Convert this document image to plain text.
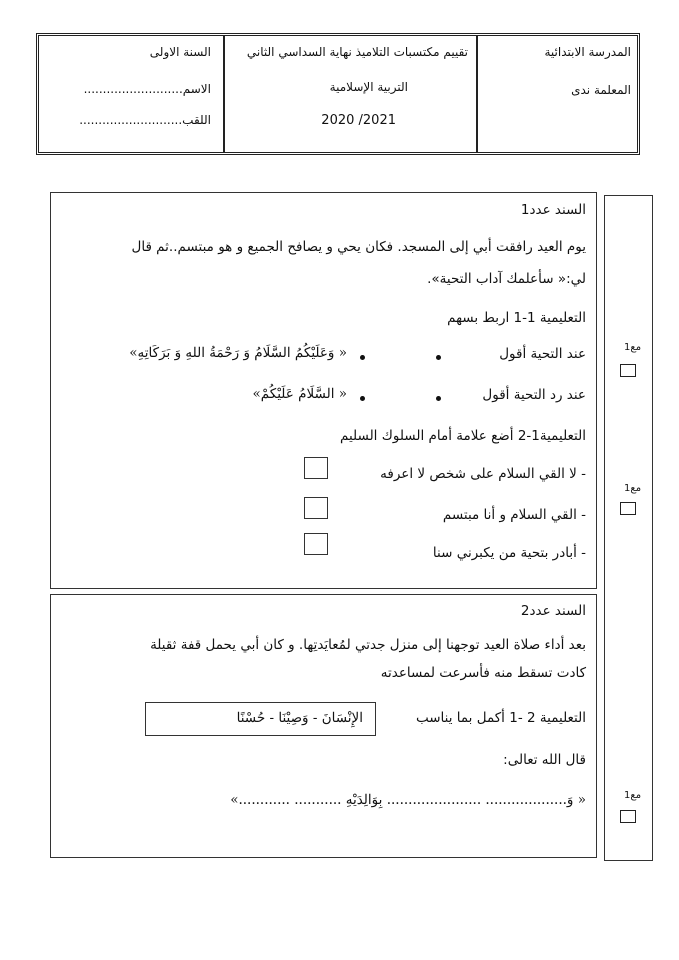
المدرسة الابتدائية
المعلمة ندى
تقييم مكتسبات التلاميذ نهاية السداسي الثاني
التربية الإسلامية
2021/ 2020
السنة الاولى
الاسم..........................
اللقب...........................
مع1
مع1
مع1
السند عدد1
يوم العيد رافقت أبي إلى المسجد. فكان يحي و يصافح الجميع و هو مبتسم..ثم قال
لي:« سأعلمك آداب التحية».
التعليمية 1-1 اربط بسهم
عند التحية أقول
« وَعَلَيْكُمُ السَّلَامُ وَ رَحْمَةُ اللهِ وَ بَرَكَاتِهِ»
عند رد التحية أقول
« السَّلَامُ عَلَيْكُمْ»
التعليمية1-2 أضع علامة أمام السلوك السليم
- لا القي السلام على شخص لا اعرفه
- القي السلام و أنا مبتسم
- أبادر بتحية من يكبرني سنا
السند عدد2
بعد أداء صلاة العيد توجهنا إلى منزل جدتي لمُعايَدتِها. و كان أبي يحمل قفة ثقيلة
كادت تسقط منه فأسرعت لمساعدته
التعليمية 2 -1 أكمل بما يناسب
الإِنْسَانَ - وَصِيْنَا - حُسْنًا
قال الله تعالى:
« وَ................... ...................... بِوَالِدَيْهِ ........... ............»
